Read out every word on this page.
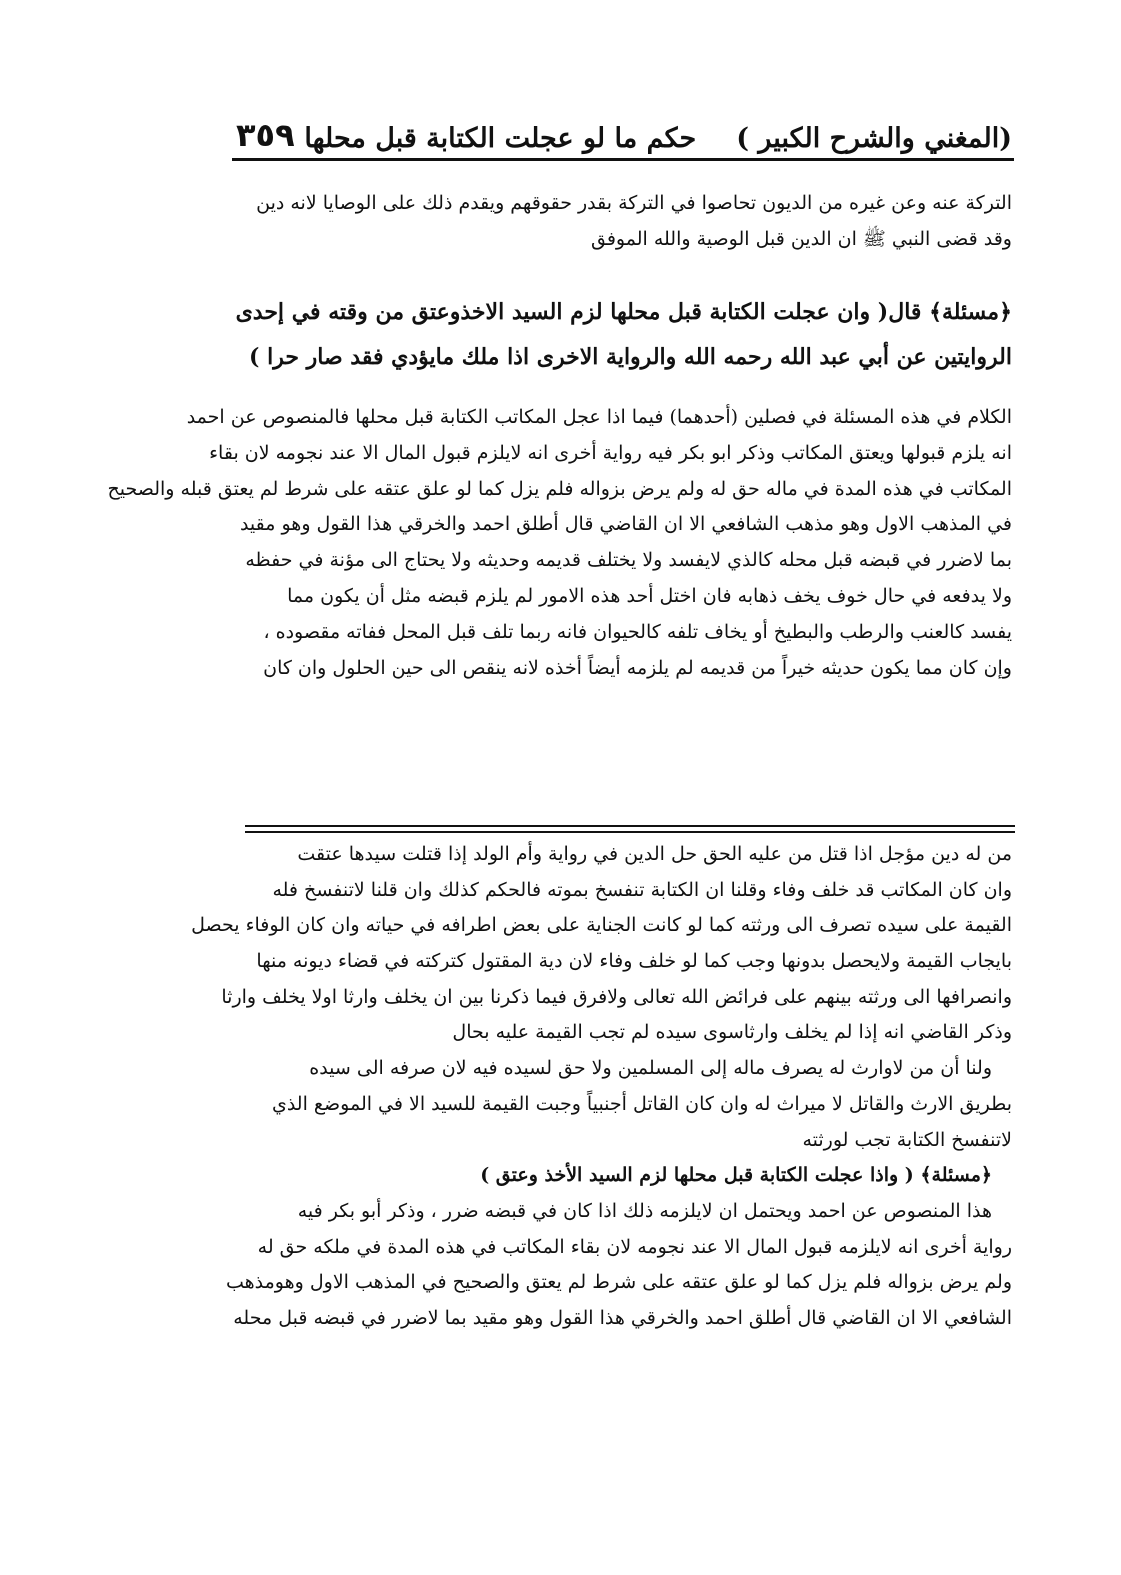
(المغني والشرح الكبير )
حكم ما لو عجلت الكتابة قبل محلها
٣٥٩
التركة عنه وعن غيره من الديون تحاصوا في التركة بقدر حقوقهم ويقدم ذلك على الوصايا لانه دين
وقد قضى النبي ﷺ ان الدين قبل الوصية والله الموفق
﴿مسئلة﴾ قال( وان عجلت الكتابة قبل محلها لزم السيد الاخذوعتق من وقته في إحدى
الروايتين عن أبي عبد الله رحمه الله والرواية الاخرى اذا ملك مايؤدي فقد صار حرا )
الكلام في هذه المسئلة في فصلين (أحدهما) فيما اذا عجل المكاتب الكتابة قبل محلها فالمنصوص عن احمد
انه يلزم قبولها ويعتق المكاتب وذكر ابو بكر فيه رواية أخرى انه لايلزم قبول المال الا عند نجومه لان بقاء
المكاتب في هذه المدة في ماله حق له ولم يرض بزواله فلم يزل كما لو علق عتقه على شرط لم يعتق قبله والصحيح
في المذهب الاول وهو مذهب الشافعي الا ان القاضي قال أطلق احمد والخرقي هذا القول وهو مقيد
بما لاضرر في قبضه قبل محله كالذي لايفسد ولا يختلف قديمه وحديثه ولا يحتاج الى مؤنة في حفظه
ولا يدفعه في حال خوف يخف ذهابه فان اختل أحد هذه الامور لم يلزم قبضه مثل أن يكون مما
يفسد كالعنب والرطب والبطيخ أو يخاف تلفه كالحيوان فانه ربما تلف قبل المحل ففاته مقصوده ،
وإن كان مما يكون حديثه خيراً من قديمه لم يلزمه أيضاً أخذه لانه ينقص الى حين الحلول وان كان
من له دين مؤجل اذا قتل من عليه الحق حل الدين في رواية وأم الولد إذا قتلت سيدها عتقت
وان كان المكاتب قد خلف وفاء وقلنا ان الكتابة تنفسخ بموته فالحكم كذلك وان قلنا لاتنفسخ فله
القيمة على سيده تصرف الى ورثته كما لو كانت الجناية على بعض اطرافه في حياته وان كان الوفاء يحصل
بايجاب القيمة ولايحصل بدونها وجب كما لو خلف وفاء لان دية المقتول كتركته في قضاء ديونه منها
وانصرافها الى ورثته بينهم على فرائض الله تعالى ولافرق فيما ذكرنا بين ان يخلف وارثا اولا يخلف وارثا
وذكر القاضي انه إذا لم يخلف وارثاسوى سيده لم تجب القيمة عليه بحال
ولنا أن من لاوارث له يصرف ماله إلى المسلمين ولا حق لسيده فيه لان صرفه الى سيده
بطريق الارث والقاتل لا ميراث له وان كان القاتل أجنبياً وجبت القيمة للسيد الا في الموضع الذي
لاتنفسخ الكتابة تجب لورثته
﴿مسئلة﴾ ( واذا عجلت الكتابة قبل محلها لزم السيد الأخذ وعتق )
هذا المنصوص عن احمد ويحتمل ان لايلزمه ذلك اذا كان في قبضه ضرر ، وذكر أبو بكر فيه
رواية أخرى انه لايلزمه قبول المال الا عند نجومه لان بقاء المكاتب في هذه المدة في ملكه حق له
ولم يرض بزواله فلم يزل كما لو علق عتقه على شرط لم يعتق والصحيح في المذهب الاول وهومذهب
الشافعي الا ان القاضي قال أطلق احمد والخرقي هذا القول وهو مقيد بما لاضرر في قبضه قبل محله
